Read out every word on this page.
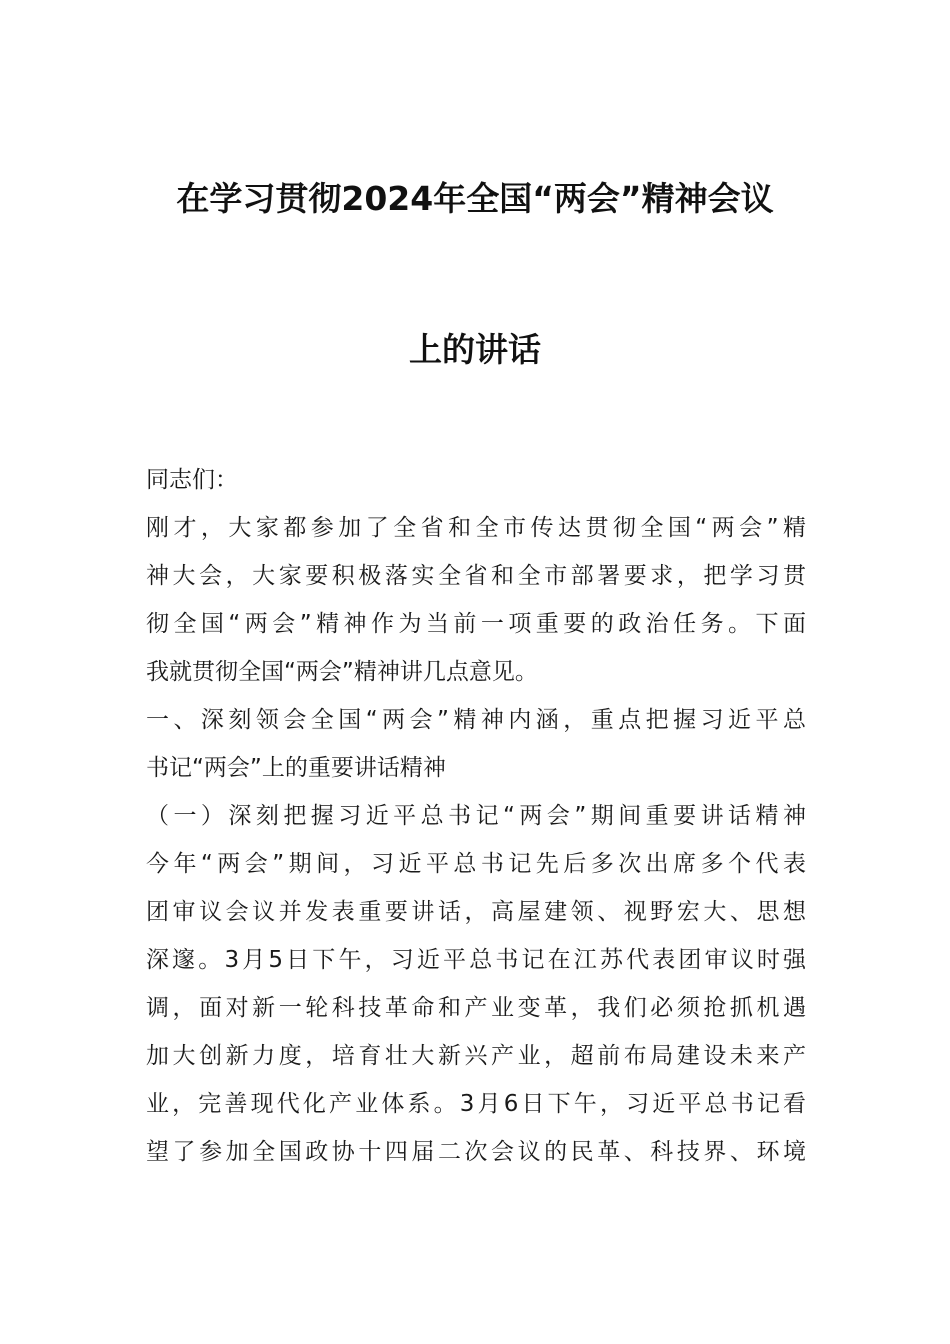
在学习贯彻2024年全国“两会”精神会议
上的讲话
同志们：
刚才，大家都参加了全省和全市传达贯彻全国“两会”精
神大会，大家要积极落实全省和全市部署要求，把学习贯
彻全国“两会”精神作为当前一项重要的政治任务。下面
我就贯彻全国“两会”精神讲几点意见。
一、深刻领会全国“两会”精神内涵，重点把握习近平总
书记“两会”上的重要讲话精神
（一）深刻把握习近平总书记“两会”期间重要讲话精神
今年“两会”期间，习近平总书记先后多次出席多个代表
团审议会议并发表重要讲话，高屋建领、视野宏大、思想
深邃。3月5日下午，习近平总书记在江苏代表团审议时强
调，面对新一轮科技革命和产业变革，我们必须抢抓机遇
加大创新力度，培育壮大新兴产业，超前布局建设未来产
业，完善现代化产业体系。3月6日下午，习近平总书记看
望了参加全国政协十四届二次会议的民革、科技界、环境
